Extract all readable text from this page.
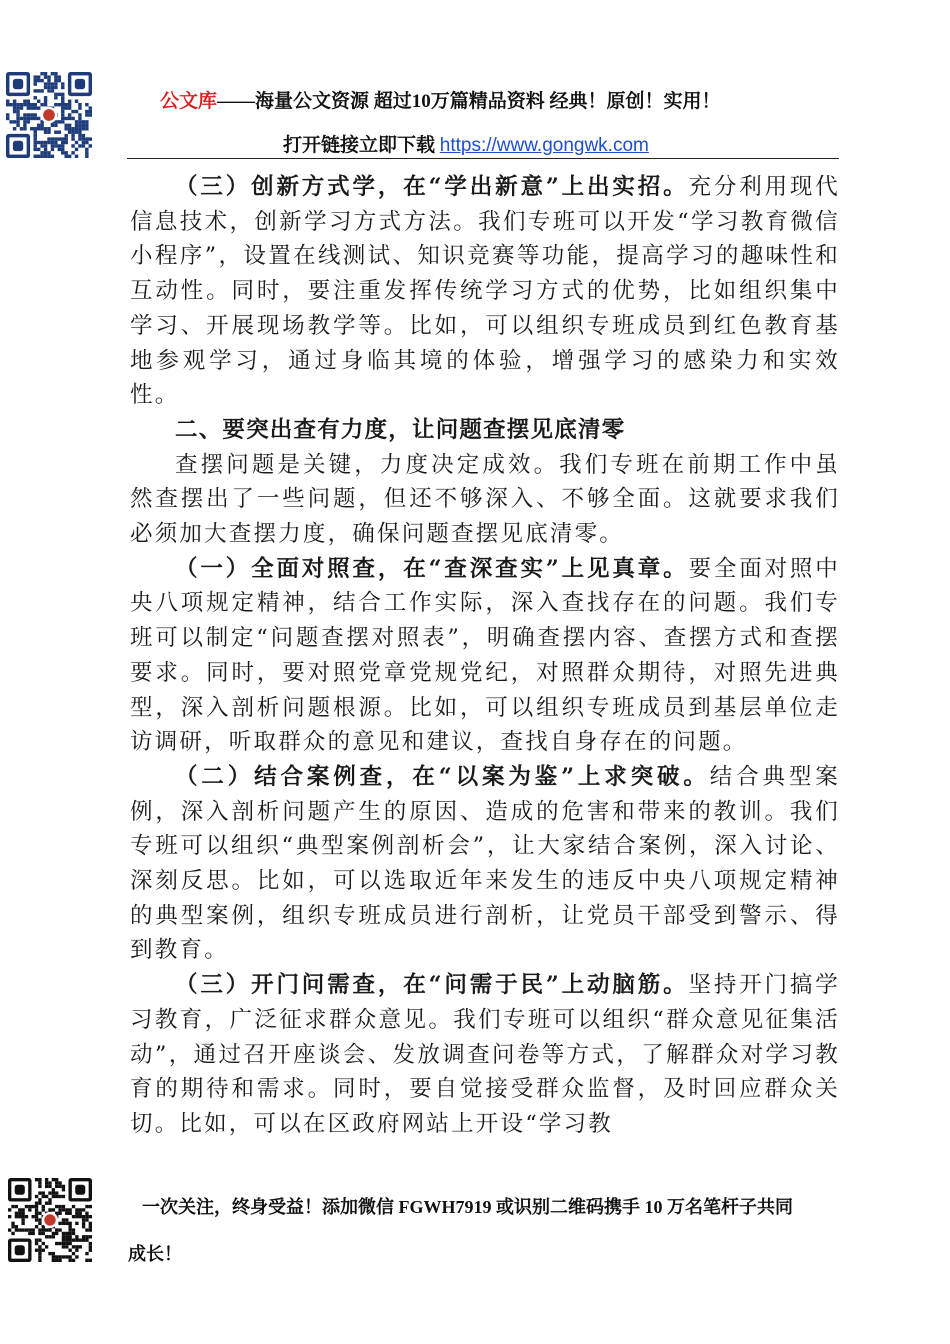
公文库——海量公文资源 超过10万篇精品资料 经典！原创！实用！
打开链接立即下载 https://www.gongwk.com

（三）创新方式学，在“学出新意”上出实招。充分利用现代信息技术，创新学习方式方法。我们专班可以开发“学习教育微信小程序”，设置在线测试、知识竞赛等功能，提高学习的趣味性和互动性。同时，要注重发挥传统学习方式的优势，比如组织集中学习、开展现场教学等。比如，可以组织专班成员到红色教育基地参观学习，通过身临其境的体验，增强学习的感染力和实效性。

二、要突出查有力度，让问题查摆见底清零

查摆问题是关键，力度决定成效。我们专班在前期工作中虽然查摆出了一些问题，但还不够深入、不够全面。这就要求我们必须加大查摆力度，确保问题查摆见底清零。

（一）全面对照查，在“查深查实”上见真章。要全面对照中央八项规定精神，结合工作实际，深入查找存在的问题。我们专班可以制定“问题查摆对照表”，明确查摆内容、查摆方式和查摆要求。同时，要对照党章党规党纪，对照群众期待，对照先进典型，深入剖析问题根源。比如，可以组织专班成员到基层单位走访调研，听取群众的意见和建议，查找自身存在的问题。

（二）结合案例查，在“以案为鉴”上求突破。结合典型案例，深入剖析问题产生的原因、造成的危害和带来的教训。我们专班可以组织“典型案例剖析会”，让大家结合案例，深入讨论、深刻反思。比如，可以选取近年来发生的违反中央八项规定精神的典型案例，组织专班成员进行剖析，让党员干部受到警示、得到教育。

（三）开门问需查，在“问需于民”上动脑筋。坚持开门搞学习教育，广泛征求群众意见。我们专班可以组织“群众意见征集活动”，通过召开座谈会、发放调查问卷等方式，了解群众对学习教育的期待和需求。同时，要自觉接受群众监督，及时回应群众关切。比如，可以在区政府网站上开设“学习教

一次关注，终身受益！添加微信 FGWH7919 或识别二维码携手 10 万名笔杆子共同
成长！
